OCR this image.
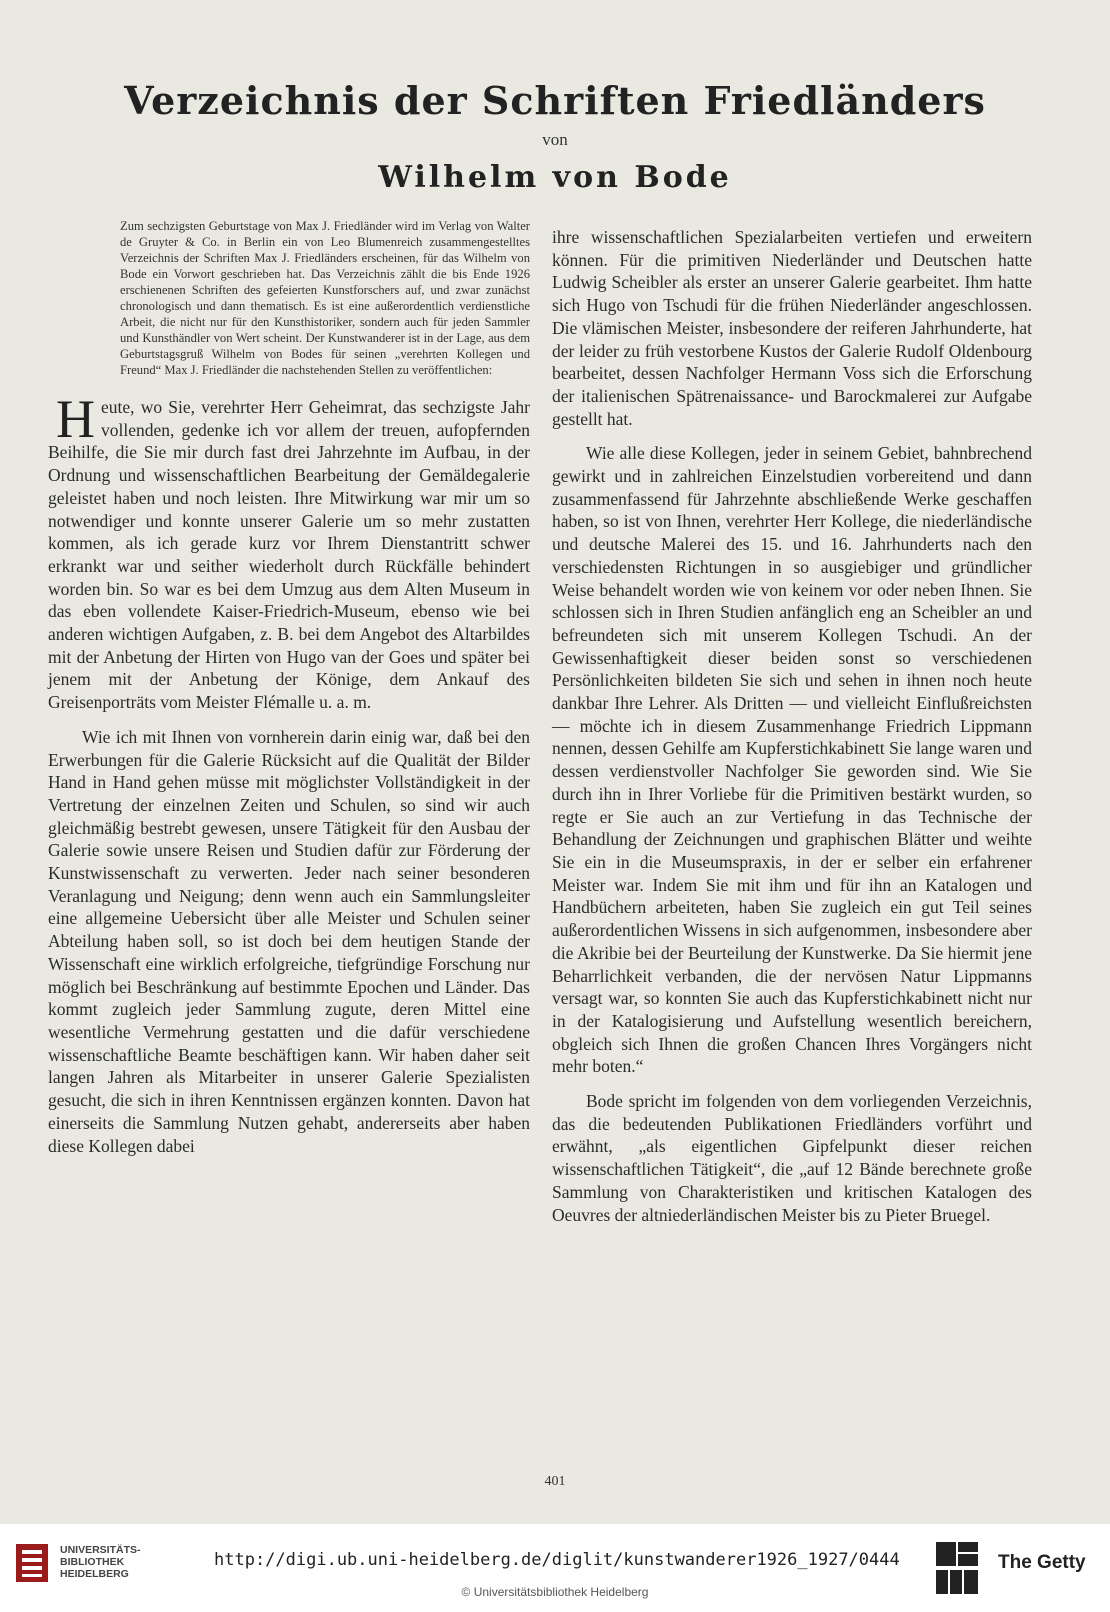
Verzeichnis der Schriften Friedländers
von
Wilhelm von Bode

Zum sechzigsten Geburtstage von Max J. Friedländer wird im Verlag von Walter de Gruyter & Co. in Berlin ein von Leo Blumenreich zusammengestelltes Verzeichnis der Schriften Max J. Friedländers erscheinen, für das Wilhelm von Bode ein Vorwort geschrieben hat. Das Verzeichnis zählt die bis Ende 1926 erschienenen Schriften des gefeierten Kunstforschers auf, und zwar zunächst chronologisch und dann thematisch. Es ist eine außerordentlich verdienstliche Arbeit, die nicht nur für den Kunsthistoriker, sondern auch für jeden Sammler und Kunsthändler von Wert scheint. Der Kunstwanderer ist in der Lage, aus dem Geburtstagsgruß Wilhelm von Bodes für seinen „verehrten Kollegen und Freund“ Max J. Friedländer die nachstehenden Stellen zu veröffentlichen:

H eute, wo Sie, verehrter Herr Geheimrat, das sechzigste Jahr vollenden, gedenke ich vor allem der treuen, aufopfernden Beihilfe, die Sie mir durch fast drei Jahrzehnte im Aufbau, in der Ordnung und wissenschaftlichen Bearbeitung der Gemäldegalerie geleistet haben und noch leisten. Ihre Mitwirkung war mir um so notwendiger und konnte unserer Galerie um so mehr zustatten kommen, als ich gerade kurz vor Ihrem Dienstantritt schwer erkrankt war und seither wiederholt durch Rückfälle behindert worden bin. So war es bei dem Umzug aus dem Alten Museum in das eben vollendete Kaiser-Friedrich-Museum, ebenso wie bei anderen wichtigen Aufgaben, z. B. bei dem Angebot des Altarbildes mit der Anbetung der Hirten von Hugo van der Goes und später bei jenem mit der Anbetung der Könige, dem Ankauf des Greisenporträts vom Meister Flémalle u. a. m.

Wie ich mit Ihnen von vornherein darin einig war, daß bei den Erwerbungen für die Galerie Rücksicht auf die Qualität der Bilder Hand in Hand gehen müsse mit möglichster Vollständigkeit in der Vertretung der einzelnen Zeiten und Schulen, so sind wir auch gleichmäßig bestrebt gewesen, unsere Tätigkeit für den Ausbau der Galerie sowie unsere Reisen und Studien dafür zur Förderung der Kunstwissenschaft zu verwerten. Jeder nach seiner besonderen Veranlagung und Neigung; denn wenn auch ein Sammlungsleiter eine allgemeine Uebersicht über alle Meister und Schulen seiner Abteilung haben soll, so ist doch bei dem heutigen Stande der Wissenschaft eine wirklich erfolgreiche, tiefgründige Forschung nur möglich bei Beschränkung auf bestimmte Epochen und Länder. Das kommt zugleich jeder Sammlung zugute, deren Mittel eine wesentliche Vermehrung gestatten und die dafür verschiedene wissenschaftliche Beamte beschäftigen kann. Wir haben daher seit langen Jahren als Mitarbeiter in unserer Galerie Spezialisten gesucht, die sich in ihren Kenntnissen ergänzen konnten. Davon hat einerseits die Sammlung Nutzen gehabt, andererseits aber haben diese Kollegen dabei

ihre wissenschaftlichen Spezialarbeiten vertiefen und erweitern können. Für die primitiven Niederländer und Deutschen hatte Ludwig Scheibler als erster an unserer Galerie gearbeitet. Ihm hatte sich Hugo von Tschudi für die frühen Niederländer angeschlossen. Die vlämischen Meister, insbesondere der reiferen Jahrhunderte, hat der leider zu früh vestorbene Kustos der Galerie Rudolf Oldenbourg bearbeitet, dessen Nachfolger Hermann Voss sich die Erforschung der italienischen Spätrenaissance- und Barockmalerei zur Aufgabe gestellt hat.

Wie alle diese Kollegen, jeder in seinem Gebiet, bahnbrechend gewirkt und in zahlreichen Einzelstudien vorbereitend und dann zusammenfassend für Jahrzehnte abschließende Werke geschaffen haben, so ist von Ihnen, verehrter Herr Kollege, die niederländische und deutsche Malerei des 15. und 16. Jahrhunderts nach den verschiedensten Richtungen in so ausgiebiger und gründlicher Weise behandelt worden wie von keinem vor oder neben Ihnen. Sie schlossen sich in Ihren Studien anfänglich eng an Scheibler an und befreundeten sich mit unserem Kollegen Tschudi. An der Gewissenhaftigkeit dieser beiden sonst so verschiedenen Persönlichkeiten bildeten Sie sich und sehen in ihnen noch heute dankbar Ihre Lehrer. Als Dritten — und vielleicht Einflußreichsten — möchte ich in diesem Zusammenhange Friedrich Lippmann nennen, dessen Gehilfe am Kupferstichkabinett Sie lange waren und dessen verdienstvoller Nachfolger Sie geworden sind. Wie Sie durch ihn in Ihrer Vorliebe für die Primitiven bestärkt wurden, so regte er Sie auch an zur Vertiefung in das Technische der Behandlung der Zeichnungen und graphischen Blätter und weihte Sie ein in die Museumspraxis, in der er selber ein erfahrener Meister war. Indem Sie mit ihm und für ihn an Katalogen und Handbüchern arbeiteten, haben Sie zugleich ein gut Teil seines außerordentlichen Wissens in sich aufgenommen, insbesondere aber die Akribie bei der Beurteilung der Kunstwerke. Da Sie hiermit jene Beharrlichkeit verbanden, die der nervösen Natur Lippmanns versagt war, so konnten Sie auch das Kupferstichkabinett nicht nur in der Katalogisierung und Aufstellung wesentlich bereichern, obgleich sich Ihnen die großen Chancen Ihres Vorgängers nicht mehr boten.“

Bode spricht im folgenden von dem vorliegenden Verzeichnis, das die bedeutenden Publikationen Friedländers vorführt und erwähnt, „als eigentlichen Gipfelpunkt dieser reichen wissenschaftlichen Tätigkeit“, die „auf 12 Bände berechnete große Sammlung von Charakteristiken und kritischen Katalogen des Oeuvres der altniederländischen Meister bis zu Pieter Bruegel.

401
UNIVERSITÄTS-
BIBLIOTHEK
HEIDELBERG
http://digi.ub.uni-heidelberg.de/diglit/kunstwanderer1926_1927/0444
© Universitätsbibliothek Heidelberg
The Getty
